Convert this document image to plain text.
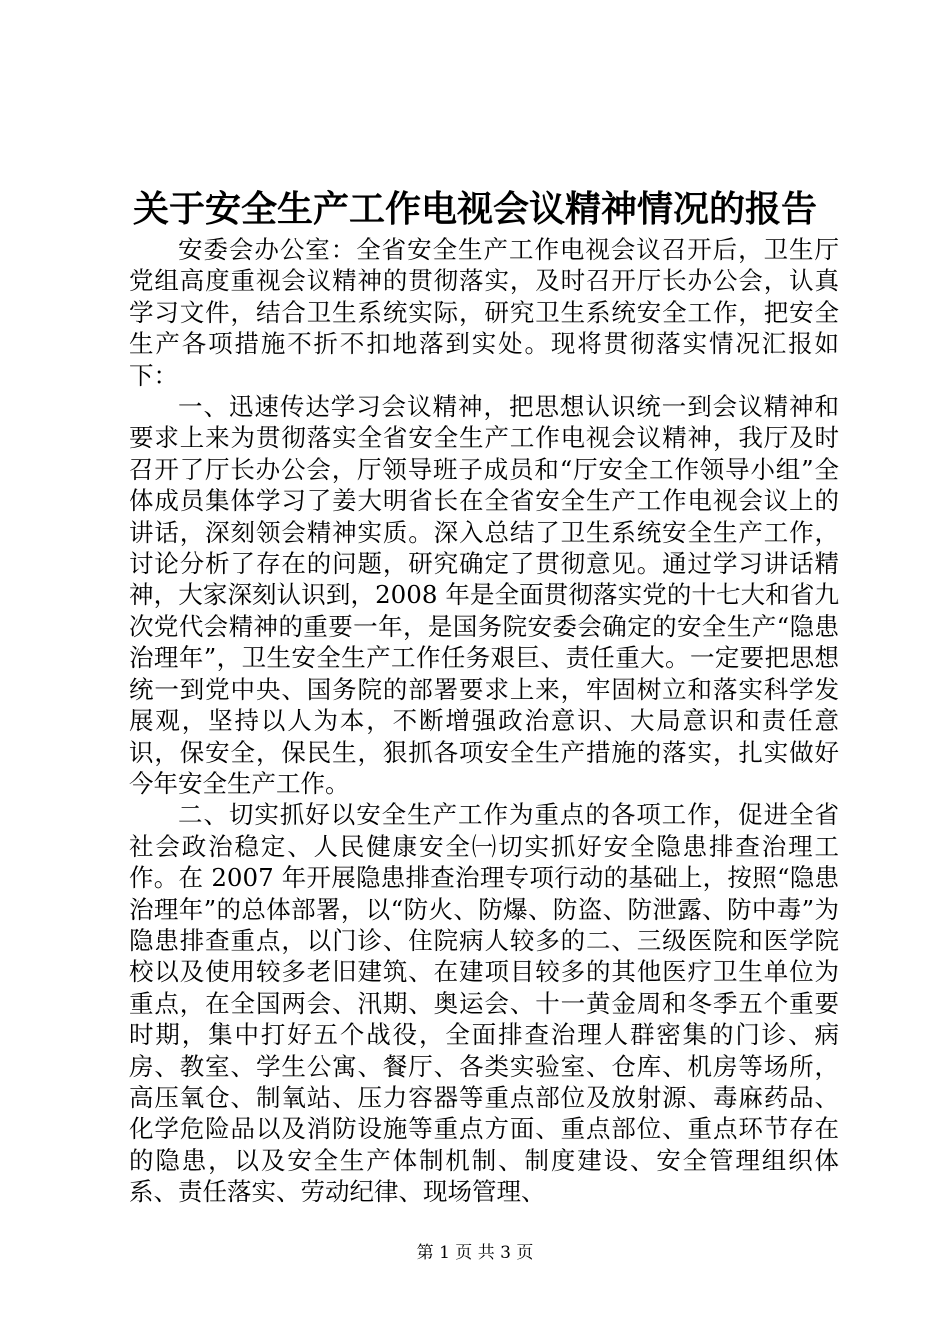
关于安全生产工作电视会议精神情况的报告

安委会办公室：全省安全生产工作电视会议召开后，卫生厅党组高度重视会议精神的贯彻落实，及时召开厅长办公会，认真学习文件，结合卫生系统实际，研究卫生系统安全工作，把安全生产各项措施不折不扣地落到实处。现将贯彻落实情况汇报如下：

一、迅速传达学习会议精神，把思想认识统一到会议精神和要求上来为贯彻落实全省安全生产工作电视会议精神，我厅及时召开了厅长办公会，厅领导班子成员和“厅安全工作领导小组”全体成员集体学习了姜大明省长在全省安全生产工作电视会议上的讲话，深刻领会精神实质。深入总结了卫生系统安全生产工作，讨论分析了存在的问题，研究确定了贯彻意见。通过学习讲话精神，大家深刻认识到，2008 年是全面贯彻落实党的十七大和省九次党代会精神的重要一年，是国务院安委会确定的安全生产“隐患治理年”，卫生安全生产工作任务艰巨、责任重大。一定要把思想统一到党中央、国务院的部署要求上来，牢固树立和落实科学发展观，坚持以人为本，不断增强政治意识、大局意识和责任意识，保安全，保民生，狠抓各项安全生产措施的落实，扎实做好今年安全生产工作。

二、切实抓好以安全生产工作为重点的各项工作，促进全省社会政治稳定、人民健康安全㈠切实抓好安全隐患排查治理工作。在 2007 年开展隐患排查治理专项行动的基础上，按照“隐患治理年”的总体部署，以“防火、防爆、防盗、防泄露、防中毒”为隐患排查重点，以门诊、住院病人较多的二、三级医院和医学院校以及使用较多老旧建筑、在建项目较多的其他医疗卫生单位为重点，在全国两会、汛期、奥运会、十一黄金周和冬季五个重要时期，集中打好五个战役，全面排查治理人群密集的门诊、病房、教室、学生公寓、餐厅、各类实验室、仓库、机房等场所，高压氧仓、制氧站、压力容器等重点部位及放射源、毒麻药品、化学危险品以及消防设施等重点方面、重点部位、重点环节存在的隐患，以及安全生产体制机制、制度建设、安全管理组织体系、责任落实、劳动纪律、现场管理、

第 1 页 共 3 页
